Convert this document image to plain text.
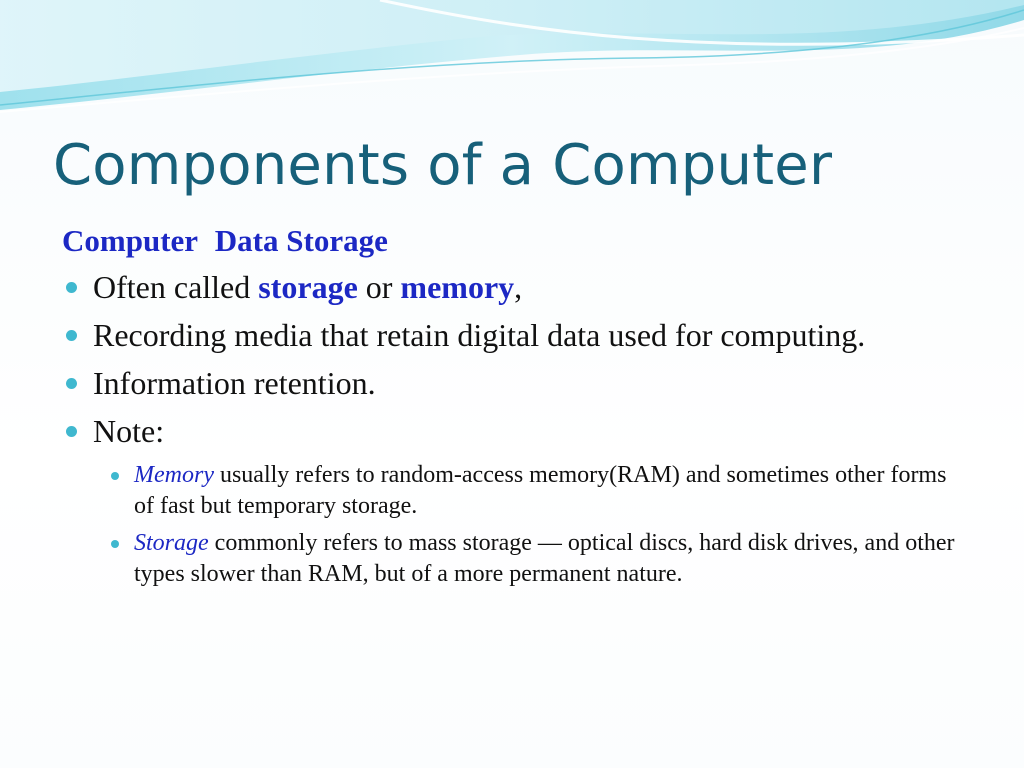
Components of a Computer
Computer Data Storage
Often called storage or memory,
Recording media that retain digital data used for computing.
Information retention.
Note:
Memory usually refers to random-access memory(RAM) and sometimes other forms of fast but temporary storage.
Storage commonly refers to mass storage — optical discs, hard disk drives, and other types slower than RAM, but of a more permanent nature.
